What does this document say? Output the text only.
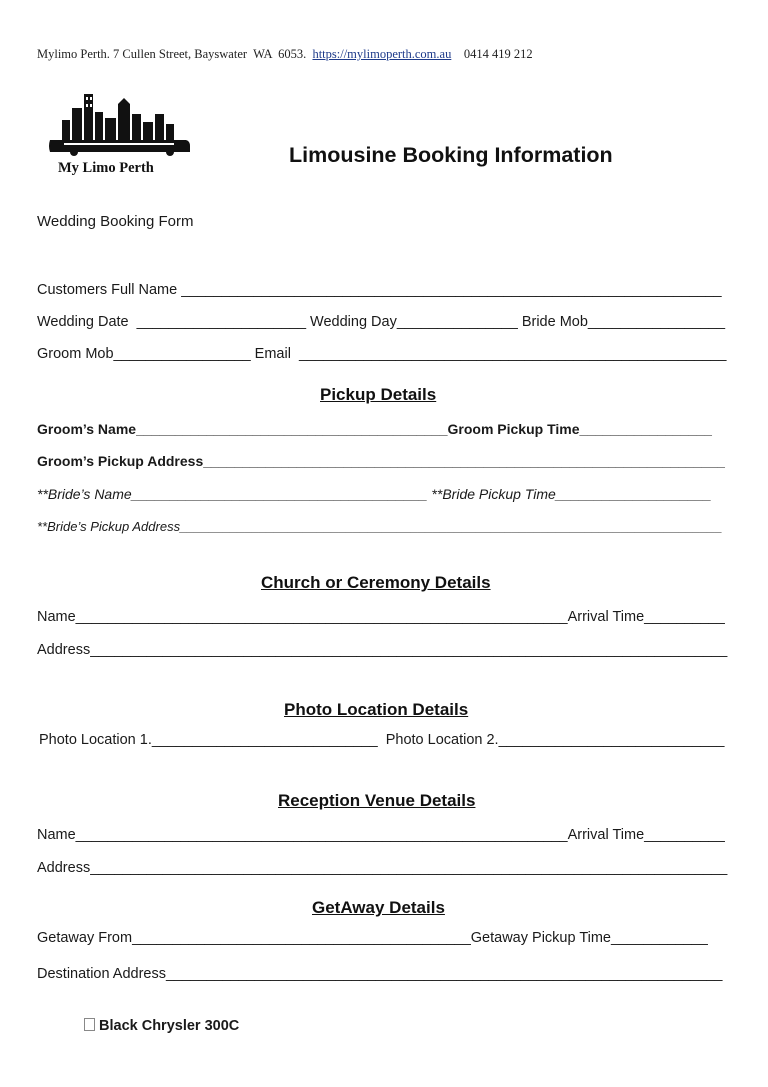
Mylimo Perth. 7 Cullen Street, Bayswater  WA  6053. https://mylimoperth.com.au 0414 419 212
My Limo Perth
Limousine Booking Information
Wedding Booking Form
Customers Full Name ___________________________________________________________________
Wedding Date  _____________________ Wedding Day_______________ Bride Mob_________________
Groom Mob_________________ Email  _____________________________________________________
Pickup Details
Groom’s Name________________________________________Groom Pickup Time_________________
Groom’s Pickup Address___________________________________________________________________
**Bride’s Name______________________________________ **Bride Pickup Time____________________
**Bride’s Pickup Address___________________________________________________________________________
Church or Ceremony Details
Name_____________________________________________________________Arrival Time__________
Address_______________________________________________________________________________
Photo Location Details
Photo Location 1.____________________________  Photo Location 2.____________________________
Reception Venue Details
Name_____________________________________________________________Arrival Time__________
Address_______________________________________________________________________________
GetAway Details
Getaway From__________________________________________Getaway Pickup Time____________
Destination Address_____________________________________________________________________
Black Chrysler 300C
